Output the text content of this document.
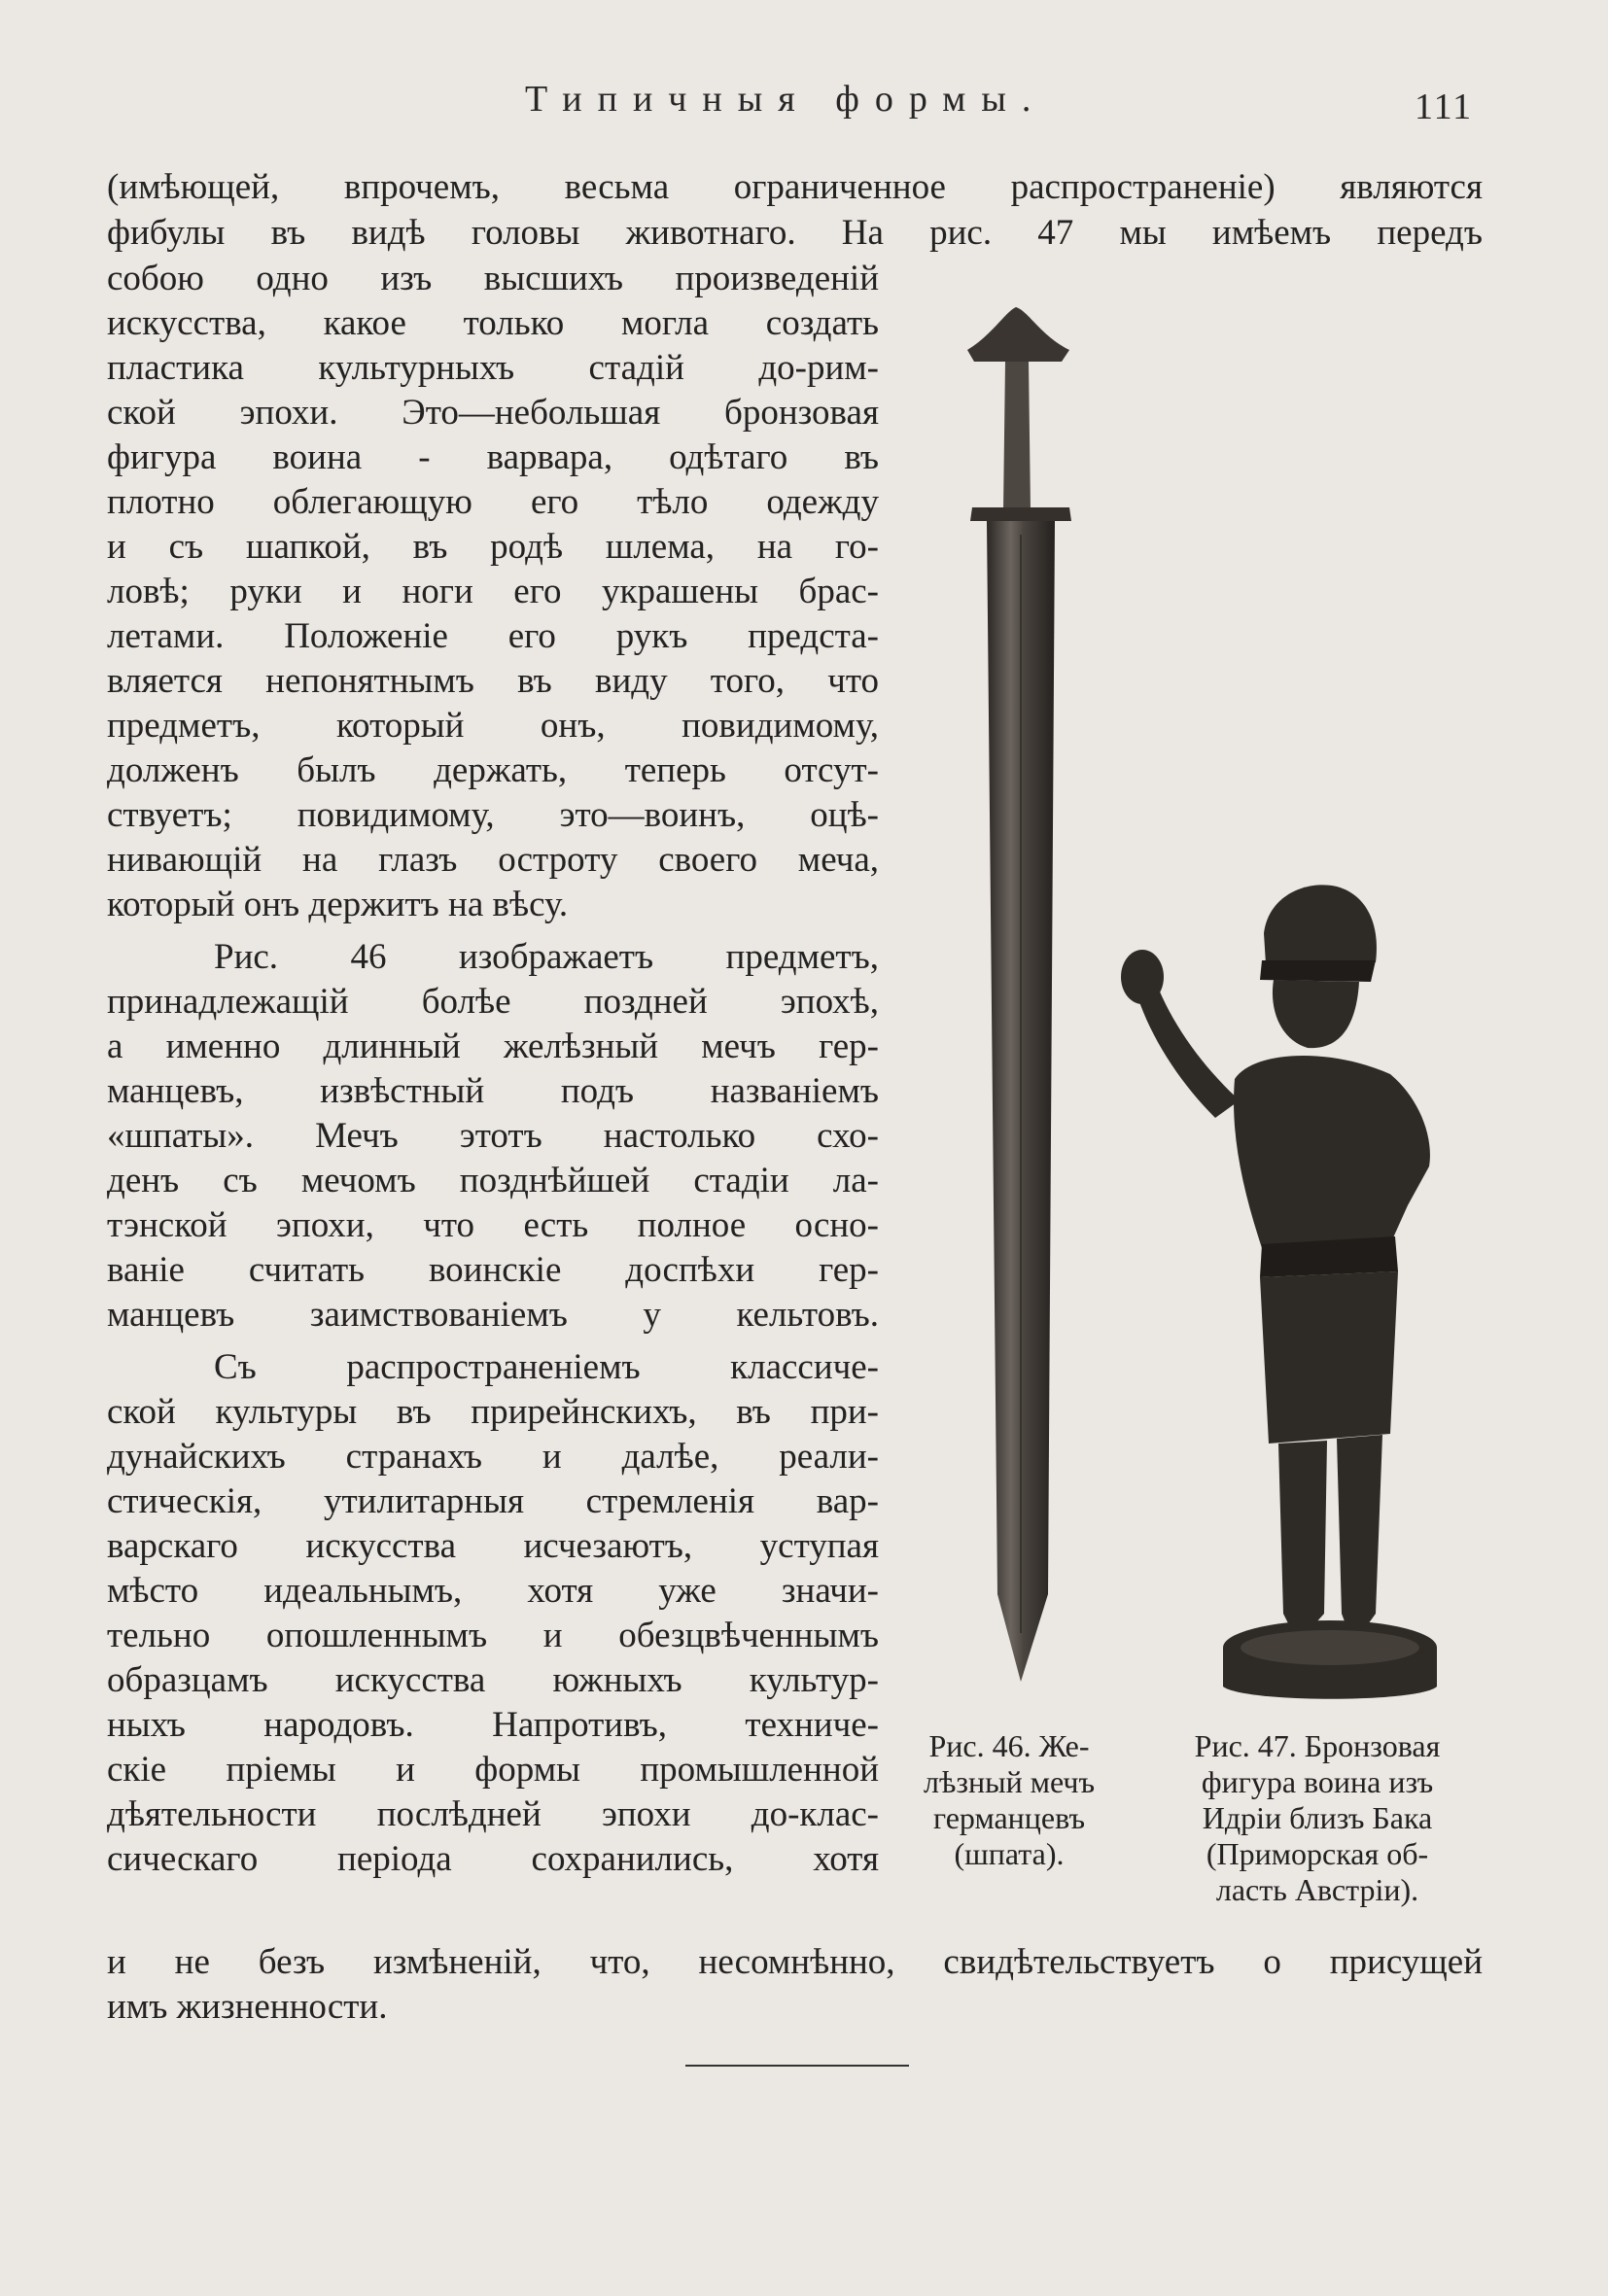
Типичныя формы.	111
(имѣющей, впрочемъ, весьма ограниченное распространеніе) являются
фибулы въ видѣ головы животнаго. На рис. 47 мы имѣемъ передъ
собою одно изъ высшихъ произведеній
искусства, какое только могла создать
пластика культурныхъ стадій до-рим-
ской эпохи. Это—небольшая бронзовая
фигура воина - варвара, одѣтаго въ
плотно облегающую его тѣло одежду
и съ шапкой, въ родѣ шлема, на го-
ловѣ; руки и ноги его украшены брас-
летами. Положеніе его рукъ предста-
вляется непонятнымъ въ виду того, что
предметъ, который онъ, повидимому,
долженъ былъ держать, теперь отсут-
ствуетъ; повидимому, это—воинъ, оцѣ-
нивающій на глазъ остроту своего меча,
который онъ держитъ на вѣсу.
Рис. 46 изображаетъ предметъ,
принадлежащій болѣе поздней эпохѣ,
а именно длинный желѣзный мечъ гер-
манцевъ, извѣстный подъ названіемъ
«шпаты». Мечъ этотъ настолько схо-
денъ съ мечомъ позднѣйшей стадіи ла-
тэнской эпохи, что есть полное осно-
ваніе считать воинскіе доспѣхи гер-
манцевъ заимствованіемъ у кельтовъ.
Съ распространеніемъ классиче-
ской культуры въ прирейнскихъ, въ при-
дунайскихъ странахъ и далѣе, реали-
стическія, утилитарныя стремленія вар-
варскаго искусства исчезаютъ, уступая
мѣсто идеальнымъ, хотя уже значи-
тельно опошленнымъ и обезцвѣченнымъ
образцамъ искусства южныхъ культур-
ныхъ народовъ. Напротивъ, техниче-
скіе пріемы и формы промышленной
дѣятельности послѣдней эпохи до-клас-
сическаго періода сохранились, хотя
и не безъ измѣненій, что, несомнѣнно, свидѣтельствуетъ о присущей
имъ жизненности.
Рис. 46. Же-
лѣзный мечъ
германцевъ
(шпата).
Рис. 47. Бронзовая
фигура воина изъ
Идріи близъ Бака
(Приморская об-
ласть Австріи).
